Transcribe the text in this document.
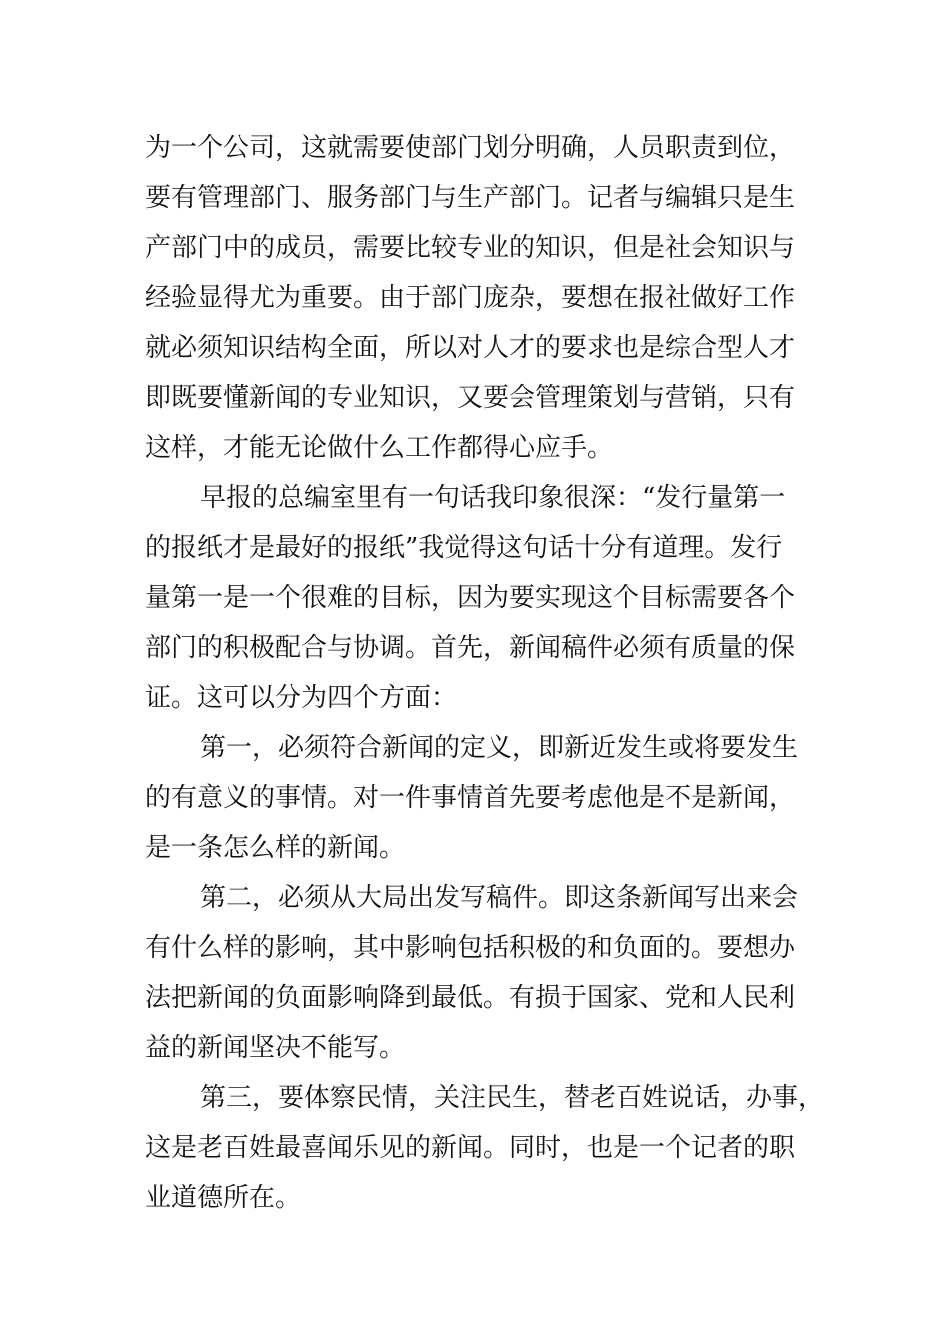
为一个公司，这就需要使部门划分明确，人员职责到位，
要有管理部门、服务部门与生产部门。记者与编辑只是生
产部门中的成员，需要比较专业的知识，但是社会知识与
经验显得尤为重要。由于部门庞杂，要想在报社做好工作
就必须知识结构全面，所以对人才的要求也是综合型人才
即既要懂新闻的专业知识，又要会管理策划与营销，只有
这样，才能无论做什么工作都得心应手。
早报的总编室里有一句话我印象很深：“发行量第一
的报纸才是最好的报纸”我觉得这句话十分有道理。发行
量第一是一个很难的目标，因为要实现这个目标需要各个
部门的积极配合与协调。首先，新闻稿件必须有质量的保
证。这可以分为四个方面：
第一，必须符合新闻的定义，即新近发生或将要发生
的有意义的事情。对一件事情首先要考虑他是不是新闻，
是一条怎么样的新闻。
第二，必须从大局出发写稿件。即这条新闻写出来会
有什么样的影响，其中影响包括积极的和负面的。要想办
法把新闻的负面影响降到最低。有损于国家、党和人民利
益的新闻坚决不能写。
第三，要体察民情，关注民生，替老百姓说话，办事，
这是老百姓最喜闻乐见的新闻。同时，也是一个记者的职
业道德所在。
